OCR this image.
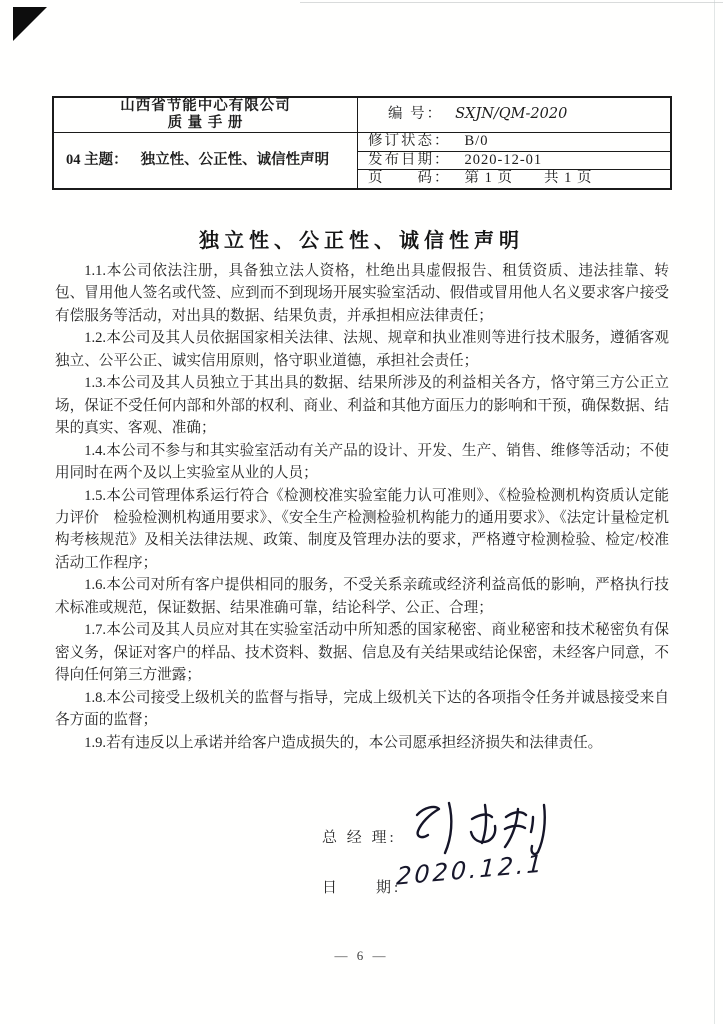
山西省节能中心有限公司
质 量 手 册
编 号： SXJN/QM-2020
04 主题： 独立性、公正性、诚信性声明
修订状态： B/0
发布日期： 2020-12-01
页　　码： 第 1 页　　共 1 页
独立性、公正性、诚信性声明

1.1.本公司依法注册，具备独立法人资格，杜绝出具虚假报告、租赁资质、违法挂靠、转包、冒用他人签名或代签、应到而不到现场开展实验室活动、假借或冒用他人名义要求客户接受有偿服务等活动，对出具的数据、结果负责，并承担相应法律责任；

1.2.本公司及其人员依据国家相关法律、法规、规章和执业准则等进行技术服务，遵循客观独立、公平公正、诚实信用原则，恪守职业道德，承担社会责任；

1.3.本公司及其人员独立于其出具的数据、结果所涉及的利益相关各方，恪守第三方公正立场，保证不受任何内部和外部的权利、商业、利益和其他方面压力的影响和干预，确保数据、结果的真实、客观、准确；

1.4.本公司不参与和其实验室活动有关产品的设计、开发、生产、销售、维修等活动；不使用同时在两个及以上实验室从业的人员；

1.5.本公司管理体系运行符合《检测校准实验室能力认可准则》、《检验检测机构资质认定能力评价　检验检测机构通用要求》、《安全生产检测检验机构能力的通用要求》、《法定计量检定机构考核规范》及相关法律法规、政策、制度及管理办法的要求，严格遵守检测检验、检定/校准活动工作程序；

1.6.本公司对所有客户提供相同的服务，不受关系亲疏或经济利益高低的影响，严格执行技术标准或规范，保证数据、结果准确可靠，结论科学、公正、合理；

1.7.本公司及其人员应对其在实验室活动中所知悉的国家秘密、商业秘密和技术秘密负有保密义务，保证对客户的样品、技术资料、数据、信息及有关结果或结论保密，未经客户同意，不得向任何第三方泄露；

1.8.本公司接受上级机关的监督与指导，完成上级机关下达的各项指令任务并诚恳接受来自各方面的监督；

1.9.若有违反以上承诺并给客户造成损失的，本公司愿承担经济损失和法律责任。

总 经 理:
日　　期:
2020.12.1
— 6 —
